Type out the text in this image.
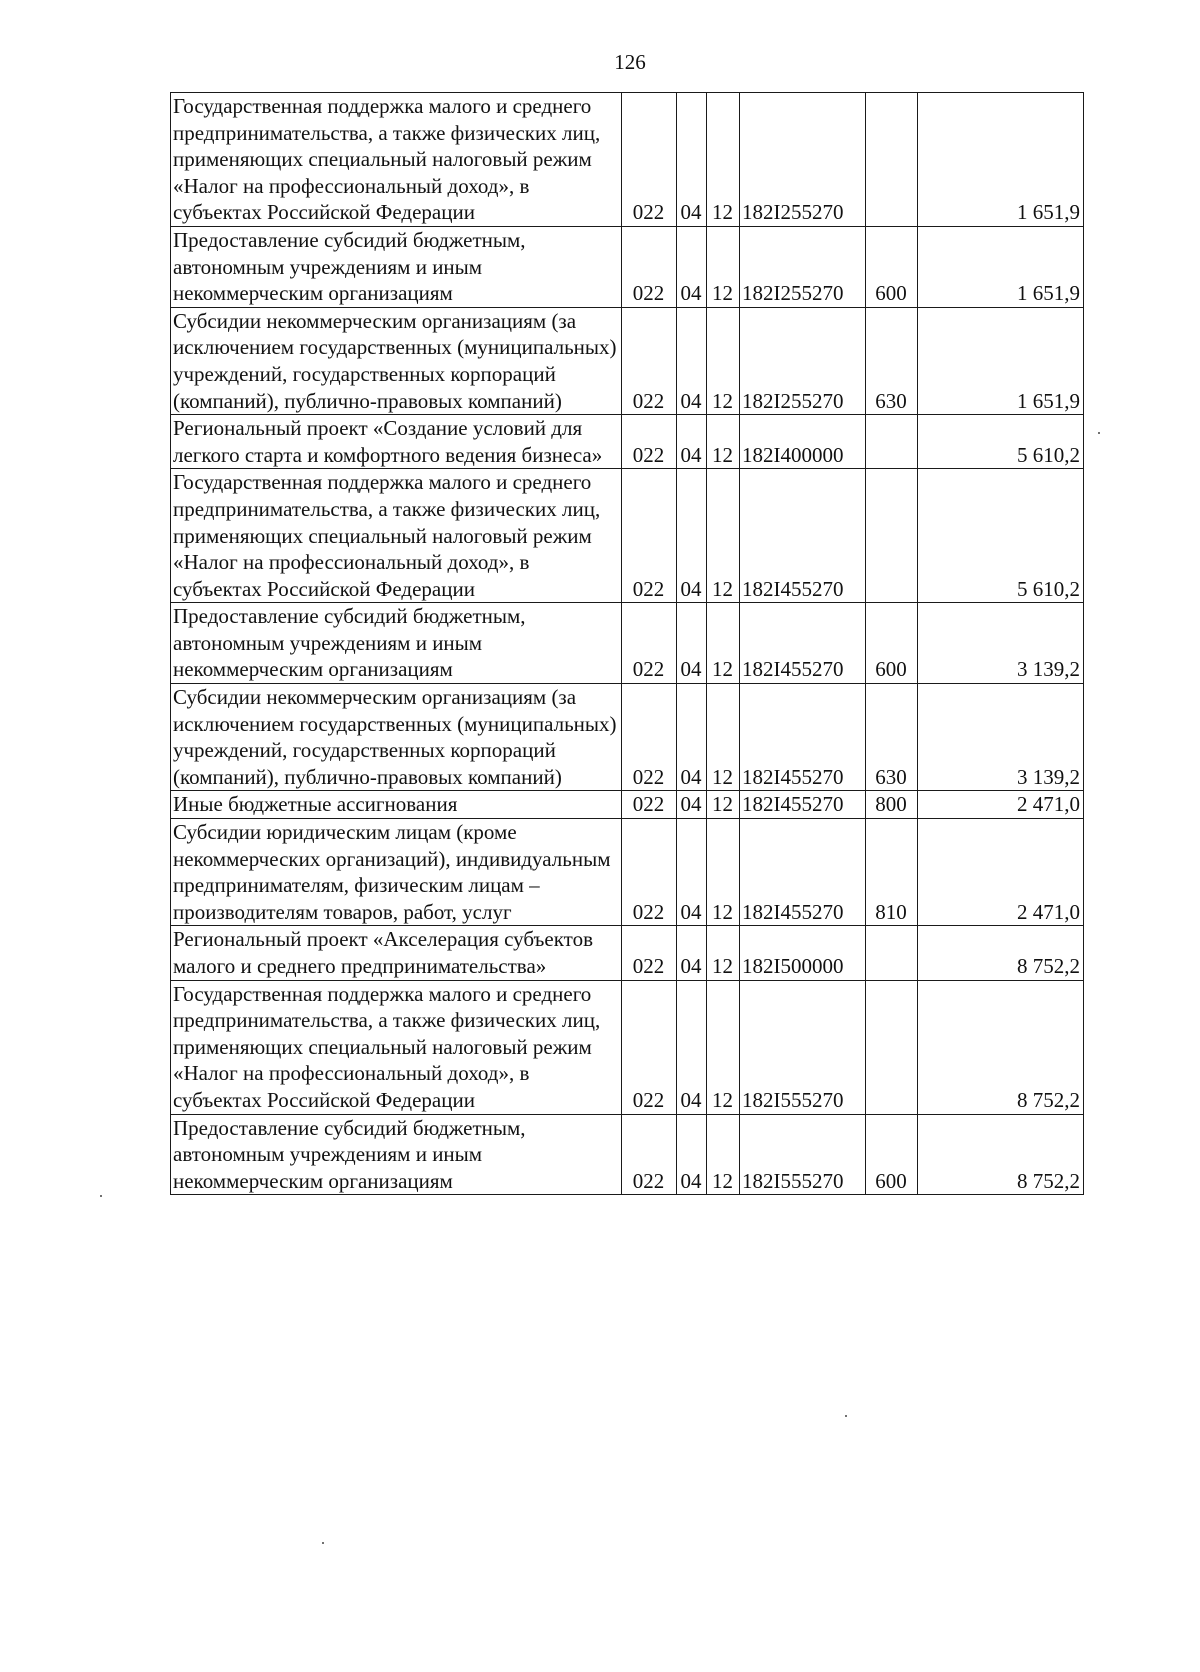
126
Государственная поддержка малого и среднего предпринимательства, а также физических лиц, применяющих специальный налоговый режим «Налог на профессиональный доход», в субъектах Российской Федерации	022	04	12	182I255270		1 651,9
Предоставление субсидий бюджетным, автономным учреждениям и иным некоммерческим организациям	022	04	12	182I255270	600	1 651,9
Субсидии некоммерческим организациям (за исключением государственных (муниципальных) учреждений, государственных корпораций (компаний), публично-правовых компаний)	022	04	12	182I255270	630	1 651,9
Региональный проект «Создание условий для легкого старта и комфортного ведения бизнеса»	022	04	12	182I400000		5 610,2
Государственная поддержка малого и среднего предпринимательства, а также физических лиц, применяющих специальный налоговый режим «Налог на профессиональный доход», в субъектах Российской Федерации	022	04	12	182I455270		5 610,2
Предоставление субсидий бюджетным, автономным учреждениям и иным некоммерческим организациям	022	04	12	182I455270	600	3 139,2
Субсидии некоммерческим организациям (за исключением государственных (муниципальных) учреждений, государственных корпораций (компаний), публично-правовых компаний)	022	04	12	182I455270	630	3 139,2
Иные бюджетные ассигнования	022	04	12	182I455270	800	2 471,0
Субсидии юридическим лицам (кроме некоммерческих организаций), индивидуальным предпринимателям, физическим лицам – производителям товаров, работ, услуг	022	04	12	182I455270	810	2 471,0
Региональный проект «Акселерация субъектов малого и среднего предпринимательства»	022	04	12	182I500000		8 752,2
Государственная поддержка малого и среднего предпринимательства, а также физических лиц, применяющих специальный налоговый режим «Налог на профессиональный доход», в субъектах Российской Федерации	022	04	12	182I555270		8 752,2
Предоставление субсидий бюджетным, автономным учреждениям и иным некоммерческим организациям	022	04	12	182I555270	600	8 752,2
